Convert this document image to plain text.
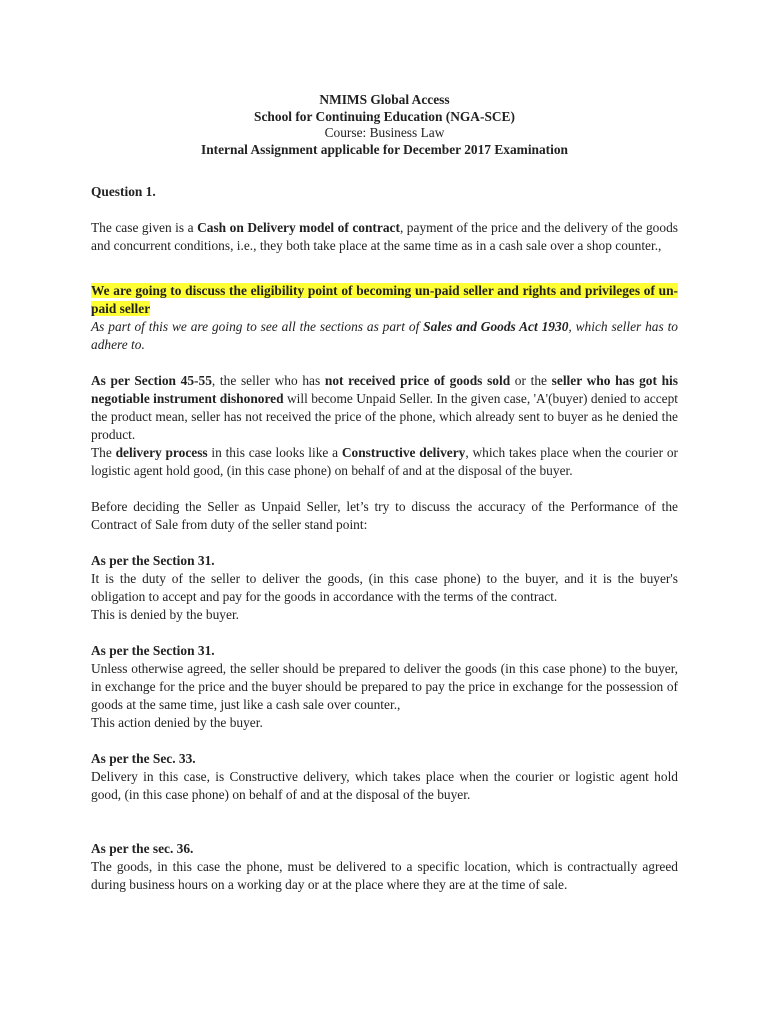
NMIMS Global Access
School for Continuing Education (NGA-SCE)
Course: Business Law
Internal Assignment applicable for December 2017 Examination

Question 1.

The case given is a Cash on Delivery model of contract, payment of the price and the delivery of the goods and concurrent conditions, i.e., they both take place at the same time as in a cash sale over a shop counter.,

We are going to discuss the eligibility point of becoming un-paid seller and rights and privileges of un-paid seller

As part of this we are going to see all the sections as part of Sales and Goods Act 1930, which seller has to adhere to.

As per Section 45-55, the seller who has not received price of goods sold or the seller who has got his negotiable instrument dishonored will become Unpaid Seller. In the given case, 'A'(buyer) denied to accept the product mean, seller has not received the price of the phone, which already sent to buyer as he denied the product.

The delivery process in this case looks like a Constructive delivery, which takes place when the courier or logistic agent hold good, (in this case phone) on behalf of and at the disposal of the buyer.

Before deciding the Seller as Unpaid Seller, let’s try to discuss the accuracy of the Performance of the Contract of Sale from duty of the seller stand point:

As per the Section 31.

It is the duty of the seller to deliver the goods, (in this case phone) to the buyer, and it is the buyer's obligation to accept and pay for the goods in accordance with the terms of the contract.

This is denied by the buyer.

As per the Section 31.

Unless otherwise agreed, the seller should be prepared to deliver the goods (in this case phone) to the buyer, in exchange for the price and the buyer should be prepared to pay the price in exchange for the possession of goods at the same time, just like a cash sale over counter.,

This action denied by the buyer.

As per the Sec. 33.

Delivery in this case, is Constructive delivery, which takes place when the courier or logistic agent hold good, (in this case phone) on behalf of and at the disposal of the buyer.

As per the sec. 36.

The goods, in this case the phone, must be delivered to a specific location, which is contractually agreed during business hours on a working day or at the place where they are at the time of sale.
